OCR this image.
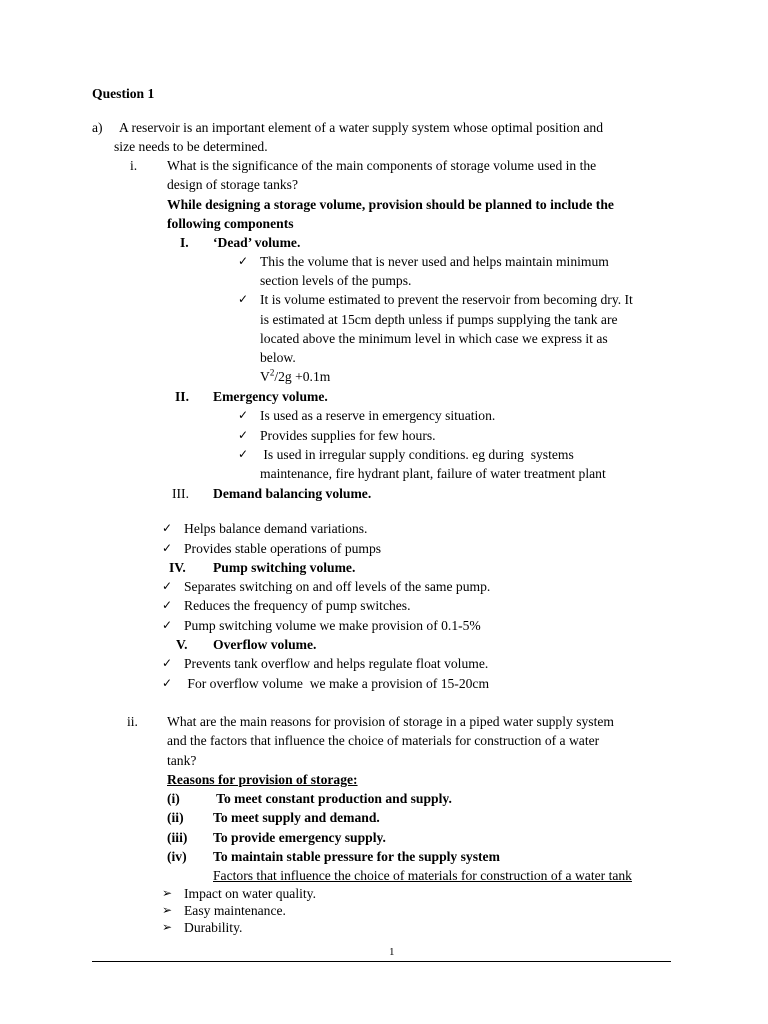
Question 1
a) A reservoir is an important element of a water supply system whose optimal position and
size needs to be determined.
i. What is the significance of the main components of storage volume used in the
design of storage tanks?
While designing a storage volume, provision should be planned to include the
following components
I. ‘Dead’ volume.
✓ This the volume that is never used and helps maintain minimum
section levels of the pumps.
✓ It is volume estimated to prevent the reservoir from becoming dry. It
is estimated at 15cm depth unless if pumps supplying the tank are
located above the minimum level in which case we express it as
below.
$V^2/2g +0.1m$
II. Emergency volume.
✓ Is used as a reserve in emergency situation.
✓ Provides supplies for few hours.
✓ Is used in irregular supply conditions. eg during  systems
maintenance, fire hydrant plant, failure of water treatment plant
III. Demand balancing volume.
✓ Helps balance demand variations.
✓ Provides stable operations of pumps
IV. Pump switching volume.
✓ Separates switching on and off levels of the same pump.
✓ Reduces the frequency of pump switches.
✓ Pump switching volume we make provision of 0.1-5%
V. Overflow volume.
✓ Prevents tank overflow and helps regulate float volume.
✓ For overflow volume  we make a provision of 15-20cm
ii. What are the main reasons for provision of storage in a piped water supply system
and the factors that influence the choice of materials for construction of a water
tank?
Reasons for provision of storage:
(i) To meet constant production and supply.
(ii) To meet supply and demand.
(iii) To provide emergency supply.
(iv) To maintain stable pressure for the supply system
Factors that influence the choice of materials for construction of a water tank
➢ Impact on water quality.
➢ Easy maintenance.
➢ Durability.
1
